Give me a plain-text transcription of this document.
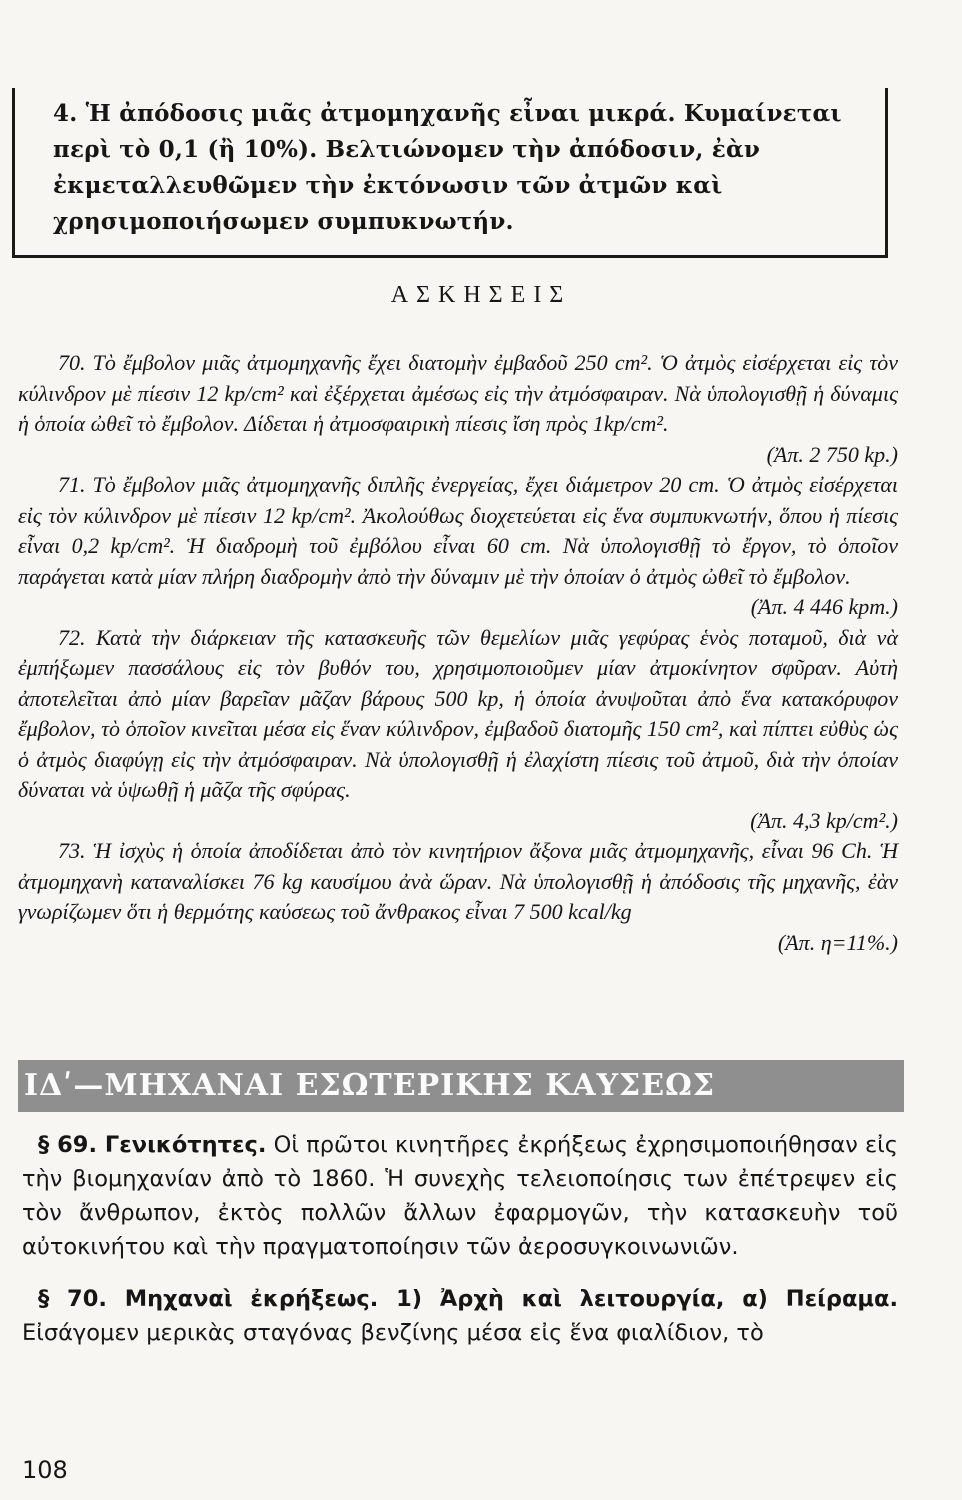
4. Ἡ ἀπόδοσις μιᾶς ἀτμομηχανῆς εἶναι μικρά. Κυμαίνεται περὶ τὸ 0,1 (ἢ 10%). Βελτιώνομεν τὴν ἀπόδοσιν, ἐὰν ἐκμεταλλευθῶμεν τὴν ἐκτόνωσιν τῶν ἀτμῶν καὶ χρησιμοποιήσωμεν συμπυκνωτήν.

ΑΣΚΗΣΕΙΣ

70. Τὸ ἔμβολον μιᾶς ἀτμομηχανῆς ἔχει διατομὴν ἐμβαδοῦ 250 cm². Ὁ ἀτμὸς εἰσέρχεται εἰς τὸν κύλινδρον μὲ πίεσιν 12 kp/cm² καὶ ἐξέρχεται ἀμέσως εἰς τὴν ἀτμόσφαιραν. Νὰ ὑπολογισθῇ ἡ δύναμις ἡ ὁποία ὠθεῖ τὸ ἔμβολον. Δίδεται ἡ ἀτμοσφαιρικὴ πίεσις ἴση πρὸς 1kp/cm².

(Ἀπ. 2 750 kp.)

71. Τὸ ἔμβολον μιᾶς ἀτμομηχανῆς διπλῆς ἐνεργείας, ἔχει διάμετρον 20 cm. Ὁ ἀτμὸς εἰσέρχεται εἰς τὸν κύλινδρον μὲ πίεσιν 12 kp/cm². Ἀκολούθως διοχετεύεται εἰς ἕνα συμπυκνωτήν, ὅπου ἡ πίεσις εἶναι 0,2 kp/cm². Ἡ διαδρομὴ τοῦ ἐμβόλου εἶναι 60 cm. Νὰ ὑπολογισθῇ τὸ ἔργον, τὸ ὁποῖον παράγεται κατὰ μίαν πλήρη διαδρομὴν ἀπὸ τὴν δύναμιν μὲ τὴν ὁποίαν ὁ ἀτμὸς ὠθεῖ τὸ ἔμβολον.

(Ἀπ. 4 446 kpm.)

72. Κατὰ τὴν διάρκειαν τῆς κατασκευῆς τῶν θεμελίων μιᾶς γεφύρας ἑνὸς ποταμοῦ, διὰ νὰ ἐμπήξωμεν πασσάλους εἰς τὸν βυθόν του, χρησιμοποιοῦμεν μίαν ἀτμοκίνητον σφῦραν. Αὐτὴ ἀποτελεῖται ἀπὸ μίαν βαρεῖαν μᾶζαν βάρους 500 kp, ἡ ὁποία ἀνυψοῦται ἀπὸ ἕνα κατακόρυφον ἔμβολον, τὸ ὁποῖον κινεῖται μέσα εἰς ἕναν κύλινδρον, ἐμβαδοῦ διατομῆς 150 cm², καὶ πίπτει εὐθὺς ὡς ὁ ἀτμὸς διαφύγῃ εἰς τὴν ἀτμόσφαιραν. Νὰ ὑπολογισθῇ ἡ ἐλαχίστη πίεσις τοῦ ἀτμοῦ, διὰ τὴν ὁποίαν δύναται νὰ ὑψωθῇ ἡ μᾶζα τῆς σφύρας.

(Ἀπ. 4,3 kp/cm².)

73. Ἡ ἰσχὺς ἡ ὁποία ἀποδίδεται ἀπὸ τὸν κινητήριον ἄξονα μιᾶς ἀτμομηχανῆς, εἶναι 96 Ch. Ἡ ἀτμομηχανὴ καταναλίσκει 76 kg καυσίμου ἀνὰ ὥραν. Νὰ ὑπολογισθῇ ἡ ἀπόδοσις τῆς μηχανῆς, ἐὰν γνωρίζωμεν ὅτι ἡ θερμότης καύσεως τοῦ ἄνθρακος εἶναι 7 500 kcal/kg

(Ἀπ. η=11%.)
ΙΔʹ—ΜΗΧΑΝΑΙ ΕΣΩΤΕΡΙΚΗΣ ΚΑΥΣΕΩΣ

§ 69. Γενικότητες. Οἱ πρῶτοι κινητῆρες ἐκρήξεως ἐχρησιμοποιήθησαν εἰς τὴν βιομηχανίαν ἀπὸ τὸ 1860. Ἡ συνεχὴς τελειοποίησις των ἐπέτρεψεν εἰς τὸν ἄνθρωπον, ἐκτὸς πολλῶν ἄλλων ἐφαρμογῶν, τὴν κατασκευὴν τοῦ αὐτοκινήτου καὶ τὴν πραγματοποίησιν τῶν ἀεροσυγκοινωνιῶν.

§ 70. Μηχαναὶ ἐκρήξεως. 1) Ἀρχὴ καὶ λειτουργία, α) Πείραμα. Εἰσάγομεν μερικὰς σταγόνας βενζίνης μέσα εἰς ἕνα φιαλίδιον, τὸ

108
